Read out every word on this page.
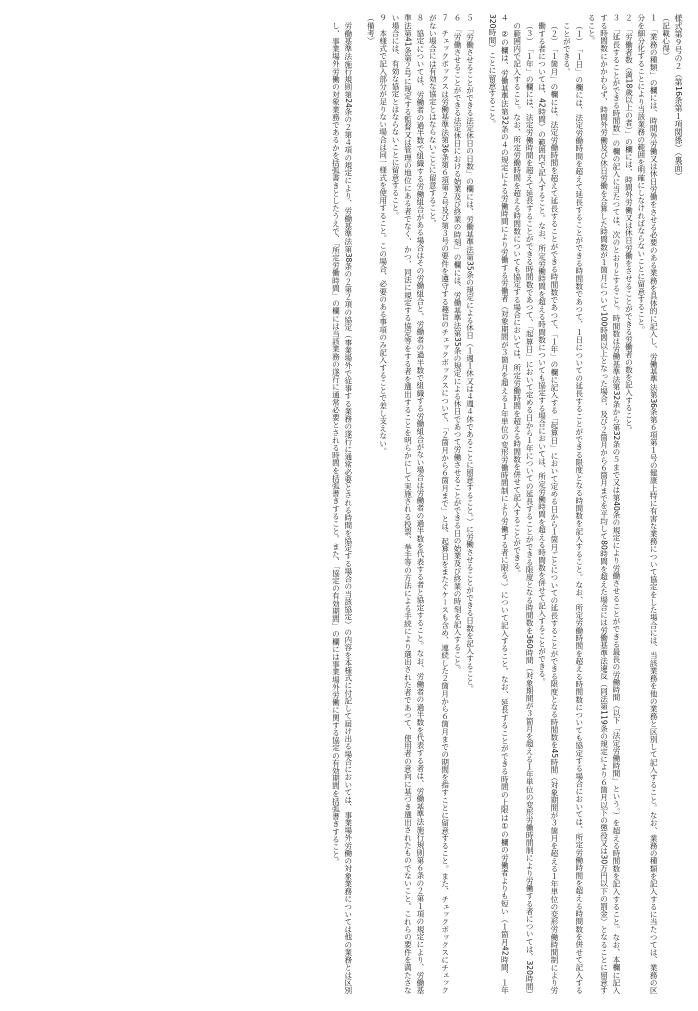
様式第９号の２（第16条第１項関係）（裏面）

（記載心得）

１　「業務の種類」の欄には、時間外労働又は休日労働をさせる必要のある業務を具体的に記入し、労働基準法第36条第６項第１号の健康上特に有害な業務について協定をした場合には、当該業務を他の業務と区別して記入すること。なお、業務の種類を記入するに当たつては、業務の区分を細分化することにより当該業務の範囲を明確にしなければならないことに留意すること。

２　「労働者数（満18歳以上の者）」の欄には、時間外労働又は休日労働をさせることができる労働者の数を記入すること。

３　「延長することができる時間数」の欄の記入に当たつては、次のとおりとすること。時間数は労働基準法第32条から第32条の５まで又は第40条の規定により労働させることができる最長の労働時間（以下「法定労働時間」という。）を超える時間数を記入すること。なお、本欄に記入する時間数にかかわらず、時間外労働及び休日労働を合算した時間数が１箇月について100時間以上となった場合、及び２箇月から６箇月までを平均して80時間を超えた場合には労働基準法違反（同法第119条の規定により６箇月以下の懲役又は30万円以下の罰金）となることに留意すること。

（１）　「１日」の欄には、法定労働時間を超えて延長することができる時間数であつて、１日についての延長することができる限度となる時間数を記入すること。なお、所定労働時間を超える時間数についても協定する場合においては、所定労働時間を超える時間数を併せて記入することができる。

（２）　「１箇月」の欄には、法定労働時間を超えて延長することができる時間数であつて、「１年」の欄に記入する「起算日」において定める日から１箇月ごとについての延長することができる限度となる時間数を45時間（対象期間が３箇月を超える１年単位の変形労働時間制により労働する者については、42時間）の範囲内で記入すること。なお、所定労働時間を超える時間数についても協定する場合においては、所定労働時間を超える時間数を併せて記入することができる。

（３）　「１年」の欄には、法定労働時間を超えて延長することができる時間数であつて、「起算日」において定める日から１年についての延長することができる限度となる時間数を360時間（対象期間が３箇月を超える１年単位の変形労働時間制により労働する者については、320時間）の範囲内で記入すること。なお、所定労働時間を超える時間数についても協定する場合においては、所定労働時間を超える時間数を併せて記入することができる。

４　②の欄は、労働基準法第32条の４の規定による労働時間により労働する労働者（対象期間が３箇月を超える１年単位の変形労働時間制により労働する者に限る。）について記入すること。なお、延長することができる時間の上限は①の欄の労働者よりも短い（１箇月42時間、１年320時間）ことに留意すること。

５　「労働させることができる法定休日の日数」の欄には、労働基準法第35条の規定による休日（１週１休又は４週４休であることに留意すること。）に労働させることができる日数を記入すること。

６　「労働させることができる法定休日における始業及び終業の時刻」の欄には、労働基準法第35条の規定による休日であつて労働させることができる日の始業及び終業の時刻を記入すること。

７　チェックボックスは労働基準法第36条第６項第２号及び第３号の要件を遵守する趣旨のチェックボックスについて、「２箇月から６箇月まで」とは、起算日をまたぐケースも含め、連続した２箇月から６箇月までの期間を指すことに留意すること。また、チェックボックスにチェックがない場合には有効な協定とはならないことに留意すること。

８　協定については、労働者の過半数で組織する労働組合がある場合はその労働組合と、労働者の過半数で組織する労働組合がない場合は労働者の過半数を代表する者と協定すること。なお、労働者の過半数を代表する者は、労働基準法施行規則第６条の２第１項の規定により、労働基準法第41条第２号に規定する監督又は管理の地位にある者でなく、かつ、同法に規定する協定等をする者を選出することを明らかにして実施される投票、挙手等の方法による手続により選出された者であつて、使用者の意向に基づき選出されたものでないこと。これらの要件を満たさない場合には、有効な協定とはならないことに留意すること。

９　本様式で記入部分が足りない場合は同一様式を使用すること。この場合、必要のある事項のみ記入することで差し支えない。

（備考）

労働基準法施行規則第24条の２第４項の規定により、労働基準法第38条の２第２項の協定（事業場外で従事する業務の遂行に通常必要とされる時間を協定する場合の当該協定）の内容を本様式に付記して届け出る場合においては、事業場外労働の対象業務については他の業務とは区別し、事業場外労働の対象業務であるかを括弧書きとしたうえで、「所定労働時間」の欄には当該業務の遂行に通常必要とされる時間を括弧書きすること。また、「協定の有効期間」の欄には事業場外労働に関する協定の有効期間を括弧書きすること。
